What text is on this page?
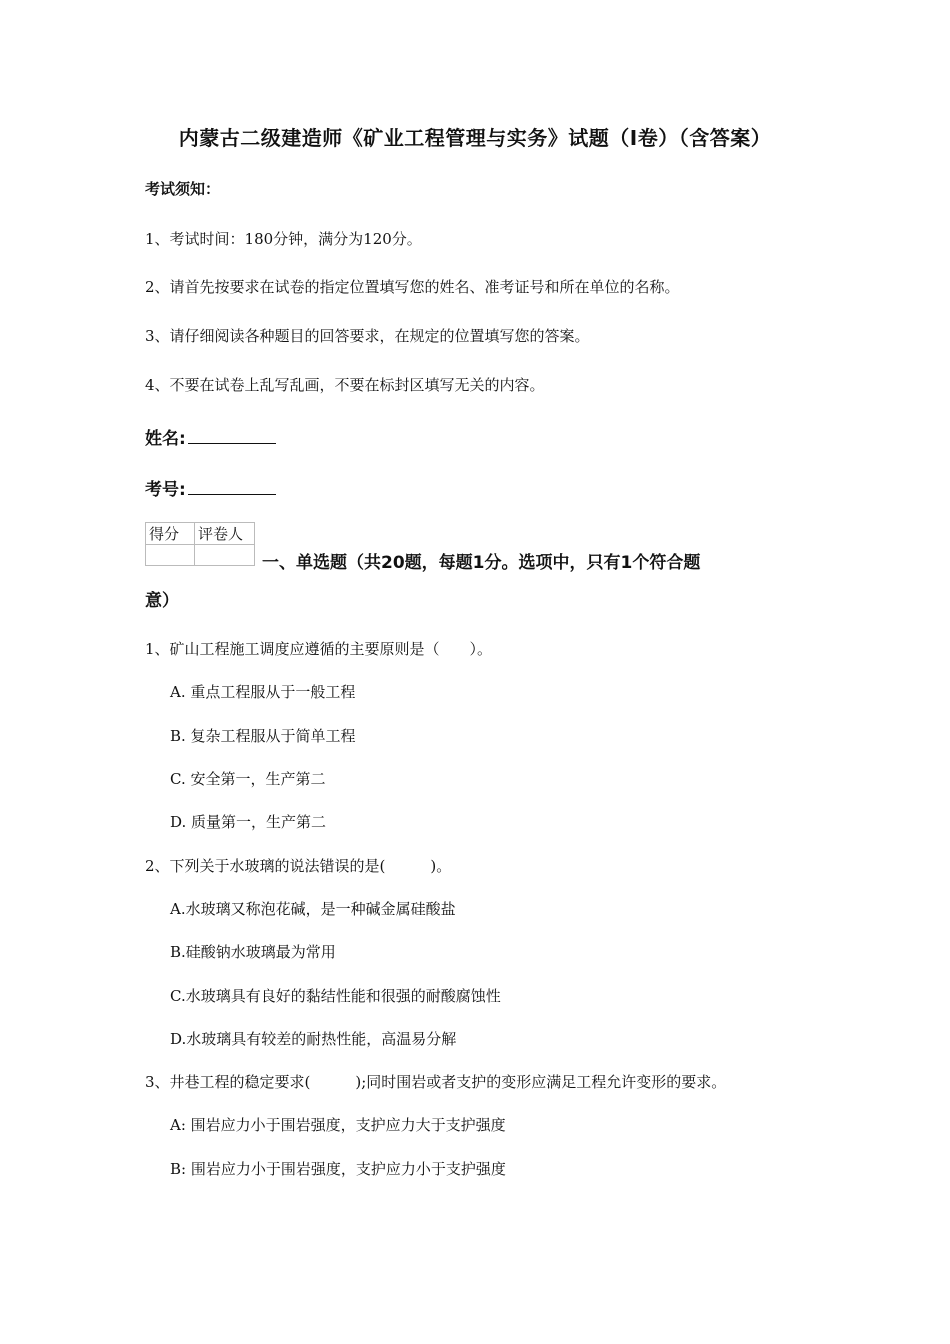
内蒙古二级建造师《矿业工程管理与实务》试题（I卷）（含答案）
考试须知：
1、考试时间：180分钟，满分为120分。
2、请首先按要求在试卷的指定位置填写您的姓名、准考证号和所在单位的名称。
3、请仔细阅读各种题目的回答要求，在规定的位置填写您的答案。
4、不要在试卷上乱写乱画，不要在标封区填写无关的内容。
姓名:
考号:
得分	评卷人

一、单选题（共20题，每题1分。选项中，只有1个符合题
意）
1、矿山工程施工调度应遵循的主要原则是（　　）。
A. 重点工程服从于一般工程
B. 复杂工程服从于简单工程
C. 安全第一，生产第二
D. 质量第一，生产第二
2、下列关于水玻璃的说法错误的是(　　　)。
A.水玻璃又称泡花碱，是一种碱金属硅酸盐
B.硅酸钠水玻璃最为常用
C.水玻璃具有良好的黏结性能和很强的耐酸腐蚀性
D.水玻璃具有较差的耐热性能，高温易分解
3、井巷工程的稳定要求(　　　);同时围岩或者支护的变形应满足工程允许变形的要求。
A: 围岩应力小于围岩强度，支护应力大于支护强度
B: 围岩应力小于围岩强度，支护应力小于支护强度
